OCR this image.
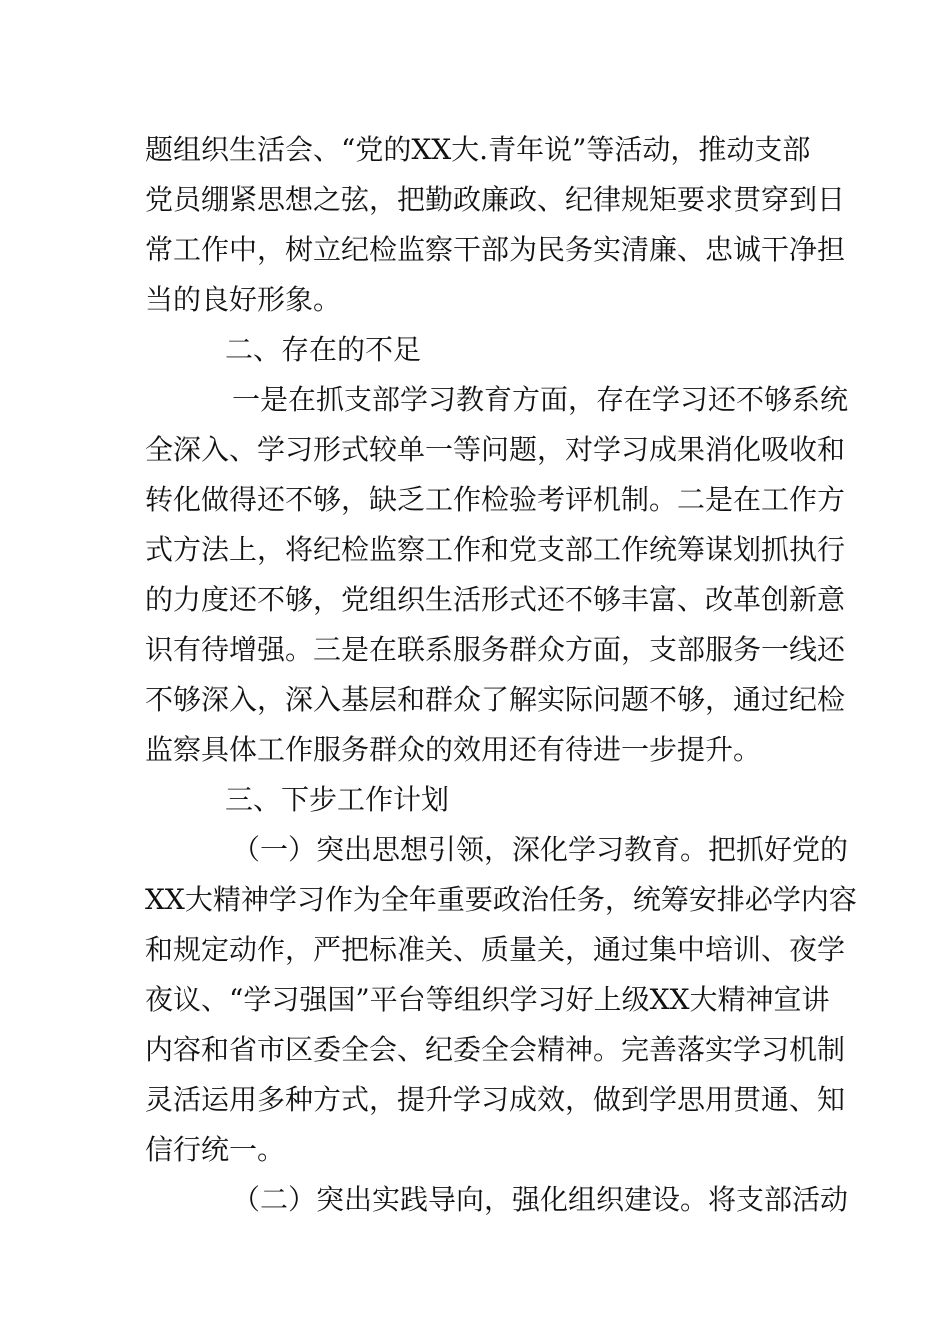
题组织生活会、“党的XX大.青年说”等活动，推动支部
党员绷紧思想之弦，把勤政廉政、纪律规矩要求贯穿到日
常工作中，树立纪检监察干部为民务实清廉、忠诚干净担
当的良好形象。
二、存在的不足
一是在抓支部学习教育方面，存在学习还不够系统
全深入、学习形式较单一等问题，对学习成果消化吸收和
转化做得还不够，缺乏工作检验考评机制。二是在工作方
式方法上，将纪检监察工作和党支部工作统筹谋划抓执行
的力度还不够，党组织生活形式还不够丰富、改革创新意
识有待增强。三是在联系服务群众方面，支部服务一线还
不够深入，深入基层和群众了解实际问题不够，通过纪检
监察具体工作服务群众的效用还有待进一步提升。
三、下步工作计划
（一）突出思想引领，深化学习教育。把抓好党的
XX大精神学习作为全年重要政治任务，统筹安排必学内容
和规定动作，严把标准关、质量关，通过集中培训、夜学
夜议、“学习强国”平台等组织学习好上级XX大精神宣讲
内容和省市区委全会、纪委全会精神。完善落实学习机制
灵活运用多种方式，提升学习成效，做到学思用贯通、知
信行统一。
（二）突出实践导向，强化组织建设。将支部活动
